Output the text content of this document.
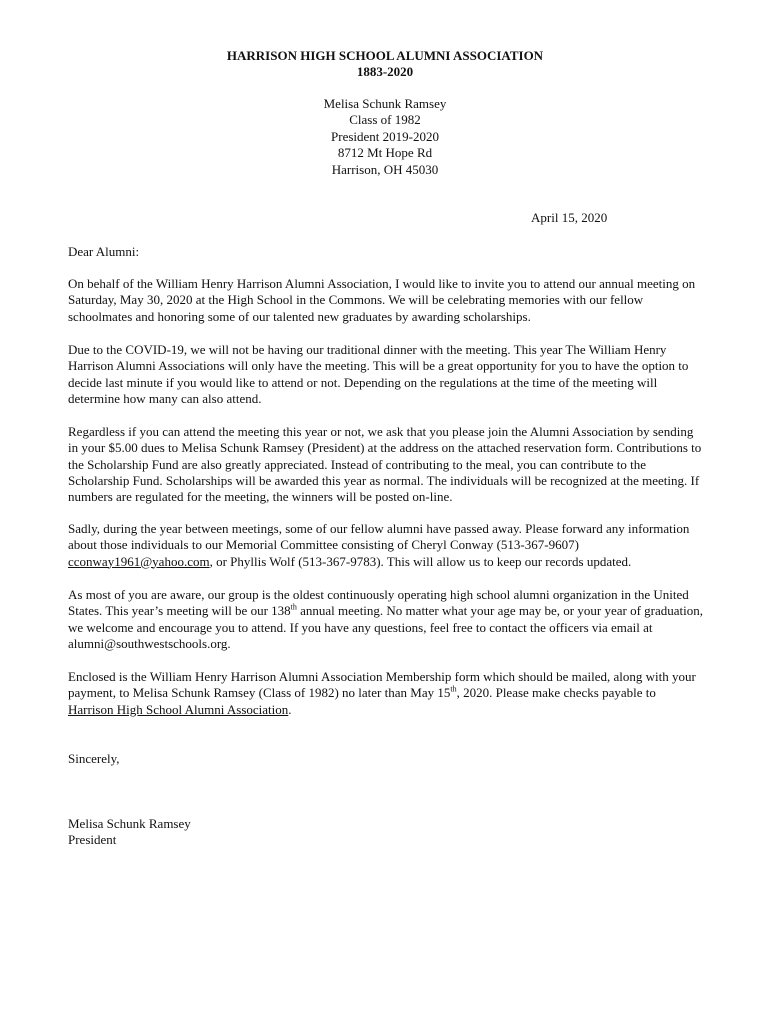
HARRISON HIGH SCHOOL ALUMNI ASSOCIATION
1883-2020
Melisa Schunk Ramsey
Class of 1982
President 2019-2020
8712 Mt Hope Rd
Harrison, OH 45030
April 15, 2020
Dear Alumni:

On behalf of the William Henry Harrison Alumni Association, I would like to invite you to attend our annual meeting on Saturday, May 30, 2020 at the High School in the Commons. We will be celebrating memories with our fellow schoolmates and honoring some of our talented new graduates by awarding scholarships.

Due to the COVID-19, we will not be having our traditional dinner with the meeting. This year The William Henry Harrison Alumni Associations will only have the meeting. This will be a great opportunity for you to have the option to decide last minute if you would like to attend or not. Depending on the regulations at the time of the meeting will determine how many can also attend.

Regardless if you can attend the meeting this year or not, we ask that you please join the Alumni Association by sending in your $5.00 dues to Melisa Schunk Ramsey (President) at the address on the attached reservation form. Contributions to the Scholarship Fund are also greatly appreciated. Instead of contributing to the meal, you can contribute to the Scholarship Fund. Scholarships will be awarded this year as normal. The individuals will be recognized at the meeting. If numbers are regulated for the meeting, the winners will be posted on-line.

Sadly, during the year between meetings, some of our fellow alumni have passed away. Please forward any information about those individuals to our Memorial Committee consisting of Cheryl Conway (513-367-9607) cconway1961@yahoo.com, or Phyllis Wolf (513-367-9783). This will allow us to keep our records updated.

As most of you are aware, our group is the oldest continuously operating high school alumni organization in the United States. This year’s meeting will be our 138th annual meeting. No matter what your age may be, or your year of graduation, we welcome and encourage you to attend. If you have any questions, feel free to contact the officers via email at alumni@southwestschools.org.

Enclosed is the William Henry Harrison Alumni Association Membership form which should be mailed, along with your payment, to Melisa Schunk Ramsey (Class of 1982) no later than May 15th, 2020. Please make checks payable to Harrison High School Alumni Association.

Sincerely,
Melisa Schunk Ramsey
President
